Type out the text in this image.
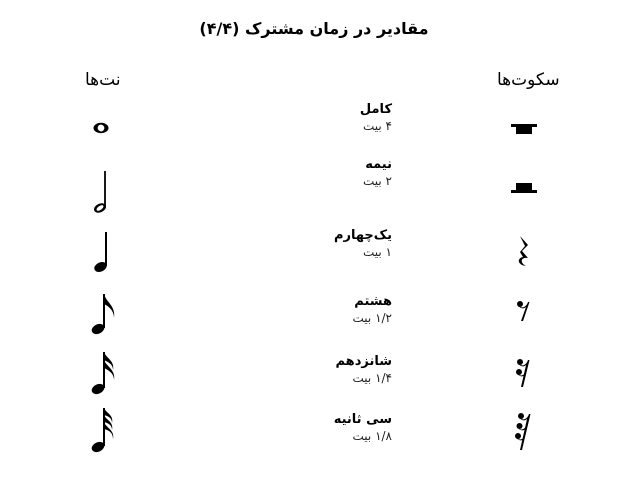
مقادیر در زمان مشترک (۴/۴)
سکوت‌ها
نت‌ها
کامل
۴ بیت
نیمه
۲ بیت
یک‌چهارم
۱ بیت
هشتم
۱/۲ بیت
شانزدهم
۱/۴ بیت
سی ثانیه
۱/۸ بیت
